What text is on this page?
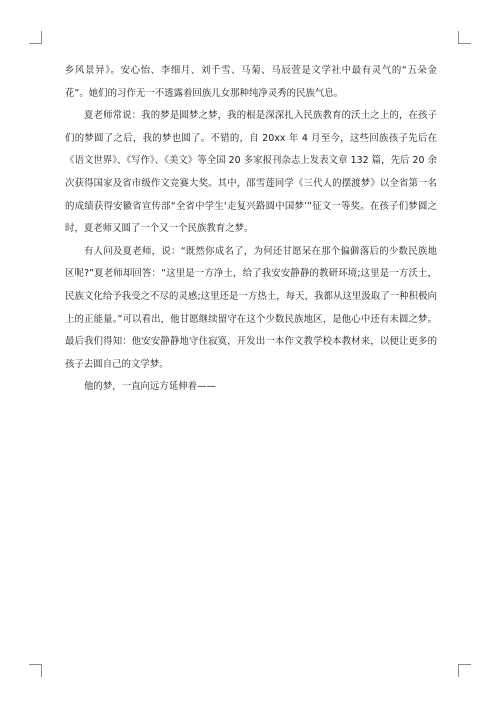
乡风景异》。安心怡、李细月、刘千雪、马菊、马辰萱是文学社中最有灵气的“五朵金花”。她们的习作无一不透露着回族儿女那种纯净灵秀的民族气息。

夏老师常说：我的梦是圆梦之梦，我的根是深深扎入民族教育的沃土之上的，在孩子们的梦圆了之后，我的梦也圆了。不错的，自 20xx 年 4 月至今，这些回族孩子先后在《语文世界》、《写作》、《美文》等全国 20 多家报刊杂志上发表文章 132 篇，先后 20 余次获得国家及省市级作文竞赛大奖。其中，邵雪莲同学《三代人的摆渡梦》以全省第一名的成绩获得安徽省宣传部“全省中学生‘走复兴路圆中国梦’”征文一等奖。在孩子们梦圆之时，夏老师又圆了一个又一个民族教育之梦。

有人问及夏老师，说：“既然你成名了，为何还甘愿呆在那个偏僻落后的少数民族地区呢?”夏老师却回答：“这里是一方净土，给了我安安静静的教研环境;这里是一方沃土，民族文化给予我受之不尽的灵感;这里还是一方热土，每天，我都从这里汲取了一种积极向上的正能量。”可以看出，他甘愿继续留守在这个少数民族地区，是他心中还有未圆之梦。最后我们得知：他安安静静地守住寂寞，开发出一本作文教学校本教材来，以便让更多的孩子去圆自己的文学梦。

他的梦，一直向远方延伸着——
